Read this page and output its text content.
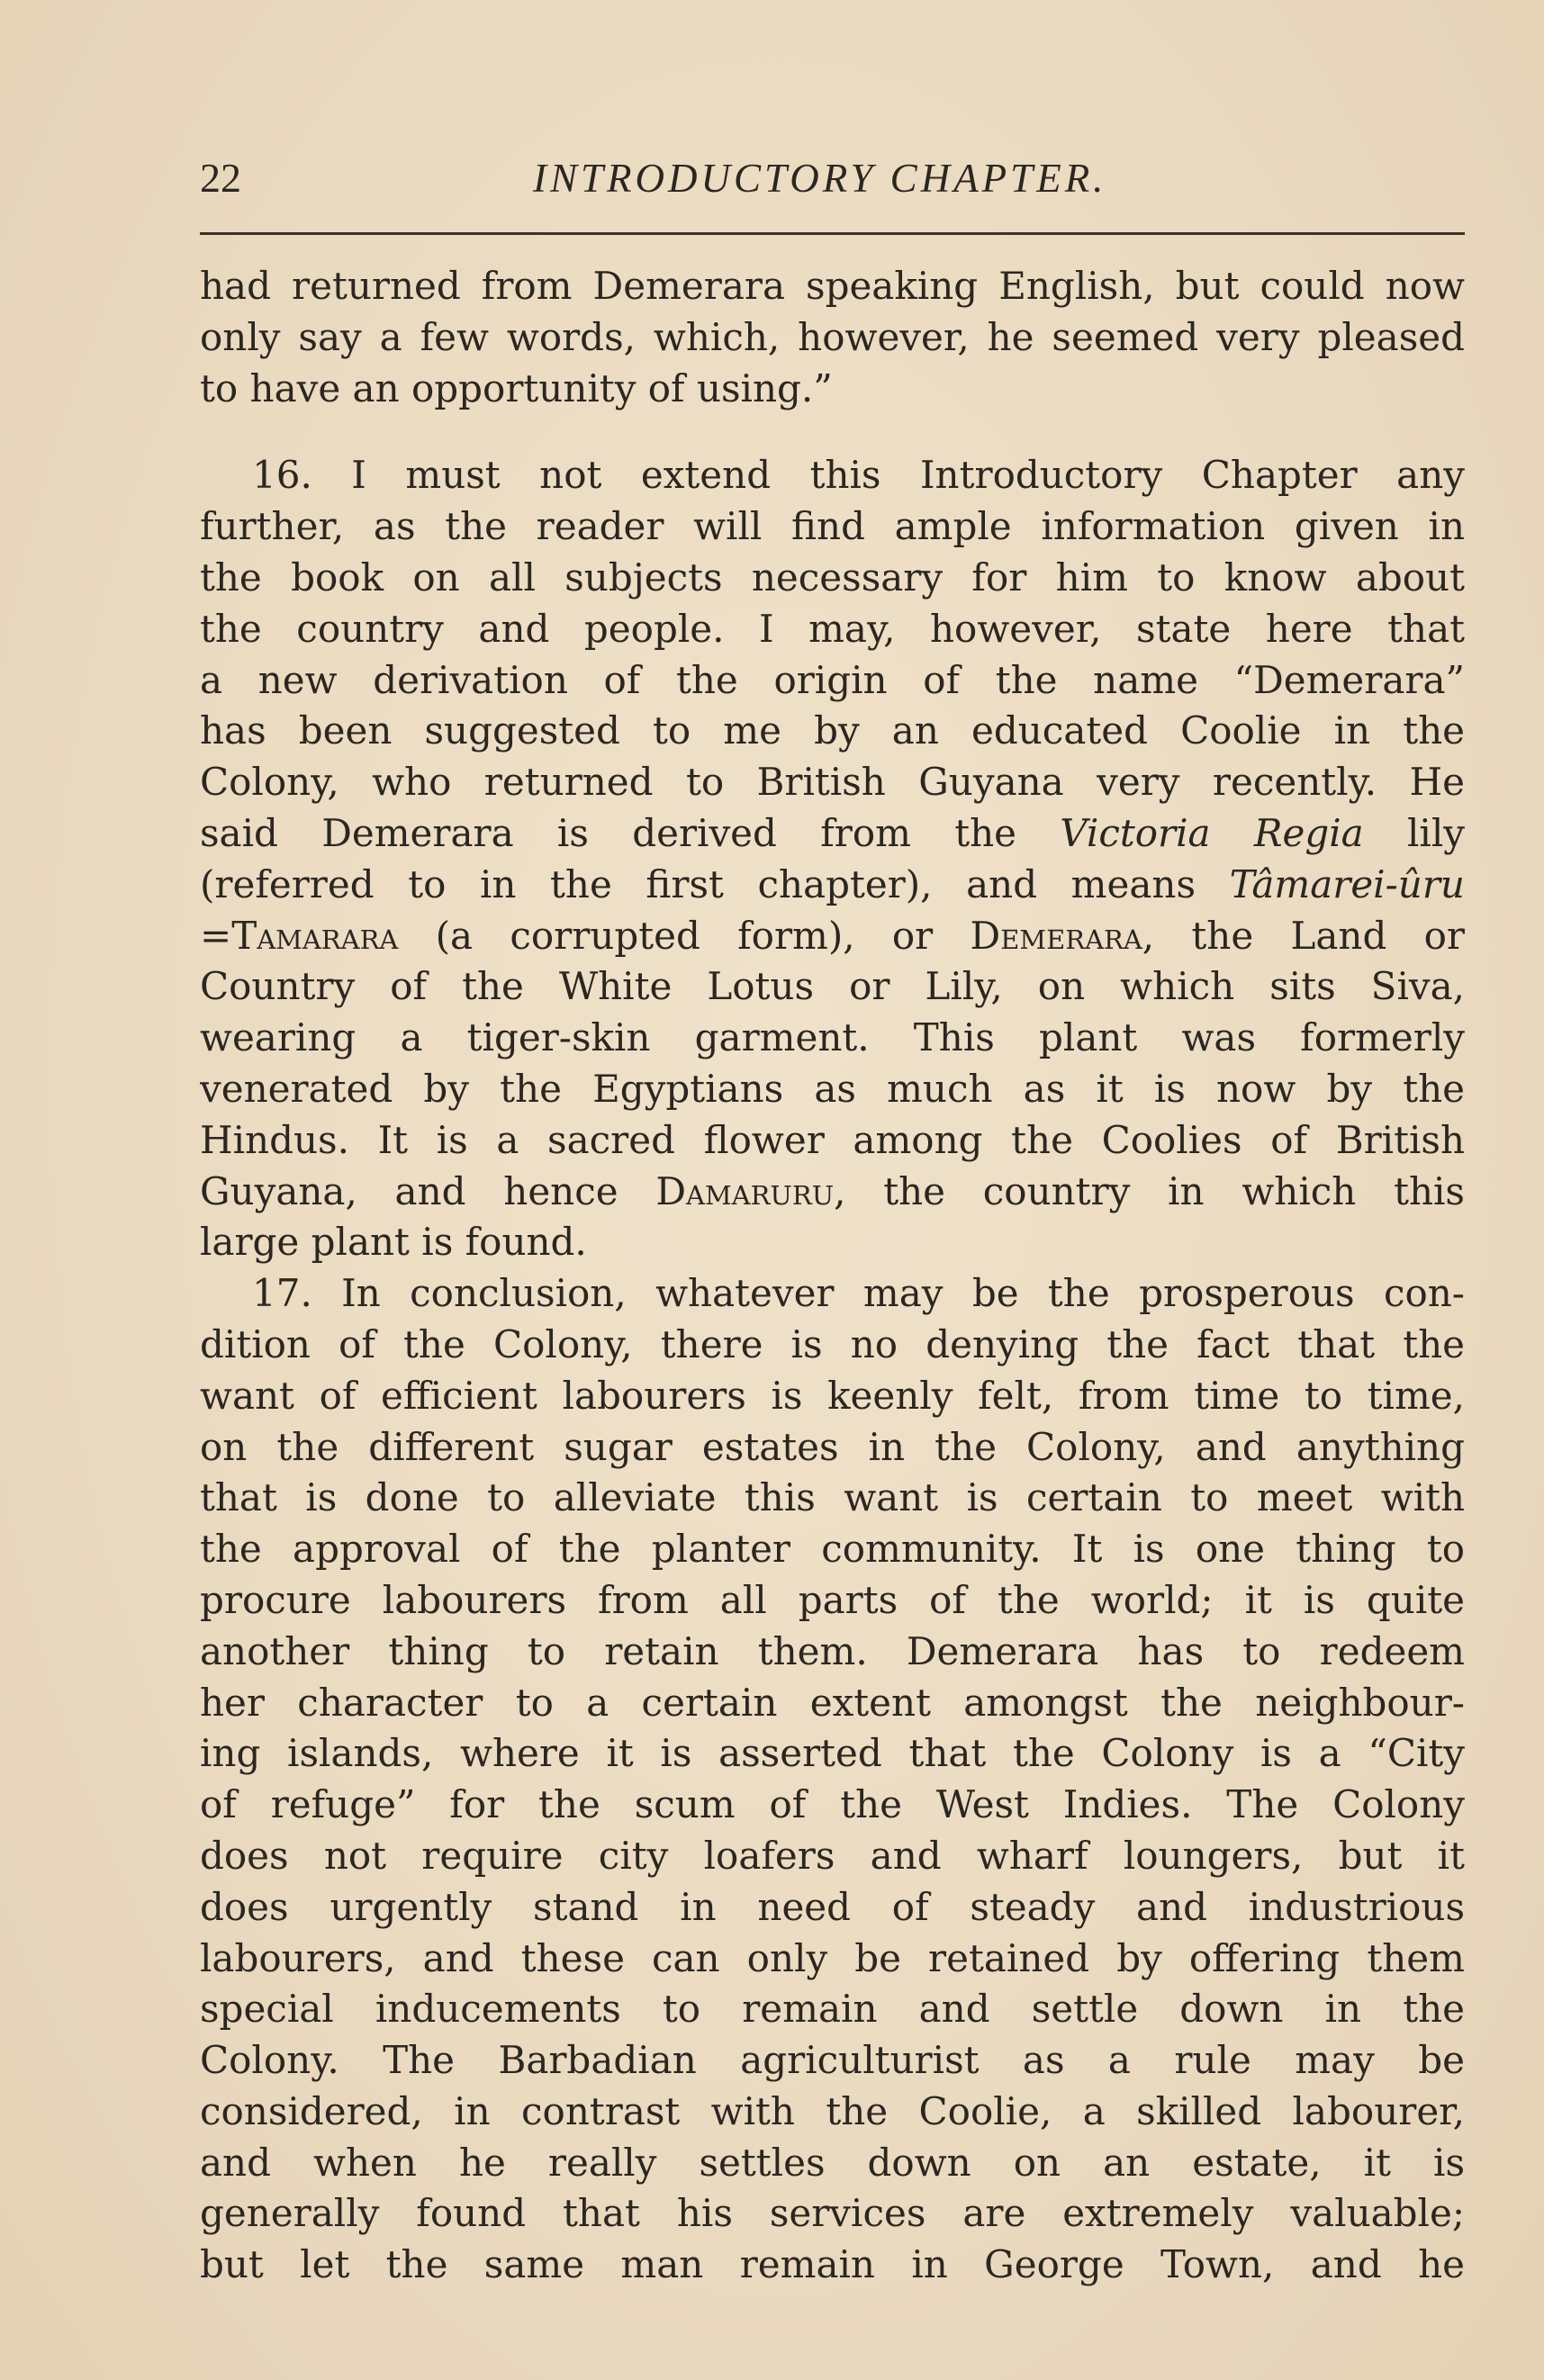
22	INTRODUCTORY CHAPTER.
had returned from Demerara speaking English, but could now
only say a few words, which, however, he seemed very pleased
to have an opportunity of using.”
16. I must not extend this Introductory Chapter any
further, as the reader will find ample information given in
the book on all subjects necessary for him to know about
the country and people. I may, however, state here that
a new derivation of the origin of the name “Demerara”
has been suggested to me by an educated Coolie in the
Colony, who returned to British Guyana very recently. He
said Demerara is derived from the Victoria Regia lily
(referred to in the first chapter), and means Tâmarei-ûru
=Tamarara (a corrupted form), or Demerara, the Land or
Country of the White Lotus or Lily, on which sits Siva,
wearing a tiger-skin garment. This plant was formerly
venerated by the Egyptians as much as it is now by the
Hindus. It is a sacred flower among the Coolies of British
Guyana, and hence Damaruru, the country in which this
large plant is found.
17. In conclusion, whatever may be the prosperous con-
dition of the Colony, there is no denying the fact that the
want of efficient labourers is keenly felt, from time to time,
on the different sugar estates in the Colony, and anything
that is done to alleviate this want is certain to meet with
the approval of the planter community. It is one thing to
procure labourers from all parts of the world; it is quite
another thing to retain them. Demerara has to redeem
her character to a certain extent amongst the neighbour-
ing islands, where it is asserted that the Colony is a “City
of refuge” for the scum of the West Indies. The Colony
does not require city loafers and wharf loungers, but it
does urgently stand in need of steady and industrious
labourers, and these can only be retained by offering them
special inducements to remain and settle down in the
Colony. The Barbadian agriculturist as a rule may be
considered, in contrast with the Coolie, a skilled labourer,
and when he really settles down on an estate, it is
generally found that his services are extremely valuable;
but let the same man remain in George Town, and he
